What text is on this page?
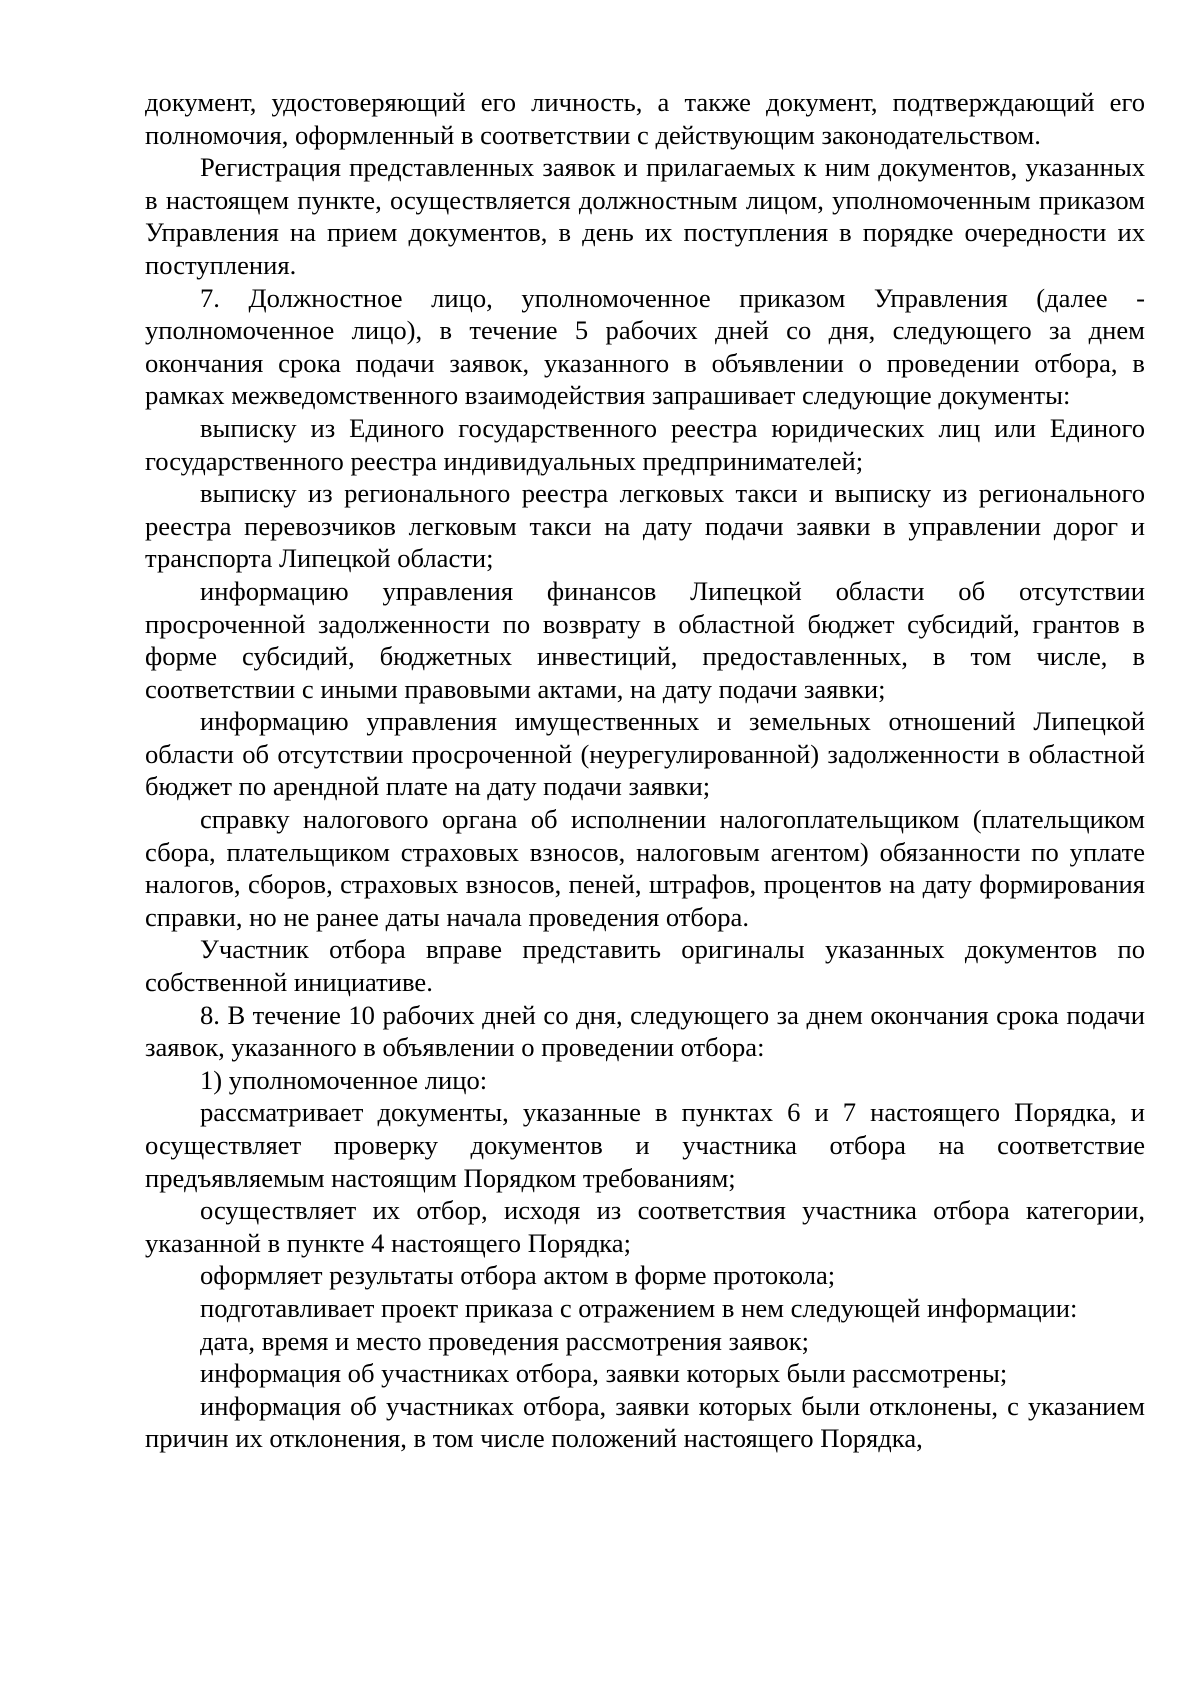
документ, удостоверяющий его личность, а также документ, подтверждающий его полномочия, оформленный в соответствии с действующим законодательством.

Регистрация представленных заявок и прилагаемых к ним документов, указанных в настоящем пункте, осуществляется должностным лицом, уполномоченным приказом Управления на прием документов, в день их поступления в порядке очередности их поступления.

7. Должностное лицо, уполномоченное приказом Управления (далее - уполномоченное лицо), в течение 5 рабочих дней со дня, следующего за днем окончания срока подачи заявок, указанного в объявлении о проведении отбора, в рамках межведомственного взаимодействия запрашивает следующие документы:

выписку из Единого государственного реестра юридических лиц или Единого государственного реестра индивидуальных предпринимателей;

выписку из регионального реестра легковых такси и выписку из регионального реестра перевозчиков легковым такси на дату подачи заявки в управлении дорог и транспорта Липецкой области;

информацию управления финансов Липецкой области об отсутствии просроченной задолженности по возврату в областной бюджет субсидий, грантов в форме субсидий, бюджетных инвестиций, предоставленных, в том числе, в соответствии с иными правовыми актами, на дату подачи заявки;

информацию управления имущественных и земельных отношений Липецкой области об отсутствии просроченной (неурегулированной) задолженности в областной бюджет по арендной плате на дату подачи заявки;

справку налогового органа об исполнении налогоплательщиком (плательщиком сбора, плательщиком страховых взносов, налоговым агентом) обязанности по уплате налогов, сборов, страховых взносов, пеней, штрафов, процентов на дату формирования справки, но не ранее даты начала проведения отбора.

Участник отбора вправе представить оригиналы указанных документов по собственной инициативе.

8. В течение 10 рабочих дней со дня, следующего за днем окончания срока подачи заявок, указанного в объявлении о проведении отбора:

1) уполномоченное лицо:

рассматривает документы, указанные в пунктах 6 и 7 настоящего Порядка, и осуществляет проверку документов и участника отбора на соответствие предъявляемым настоящим Порядком требованиям;

осуществляет их отбор, исходя из соответствия участника отбора категории, указанной в пункте 4 настоящего Порядка;

оформляет результаты отбора актом в форме протокола;

подготавливает проект приказа с отражением в нем следующей информации:

дата, время и место проведения рассмотрения заявок;

информация об участниках отбора, заявки которых были рассмотрены;

информация об участниках отбора, заявки которых были отклонены, с указанием причин их отклонения, в том числе положений настоящего Порядка,
